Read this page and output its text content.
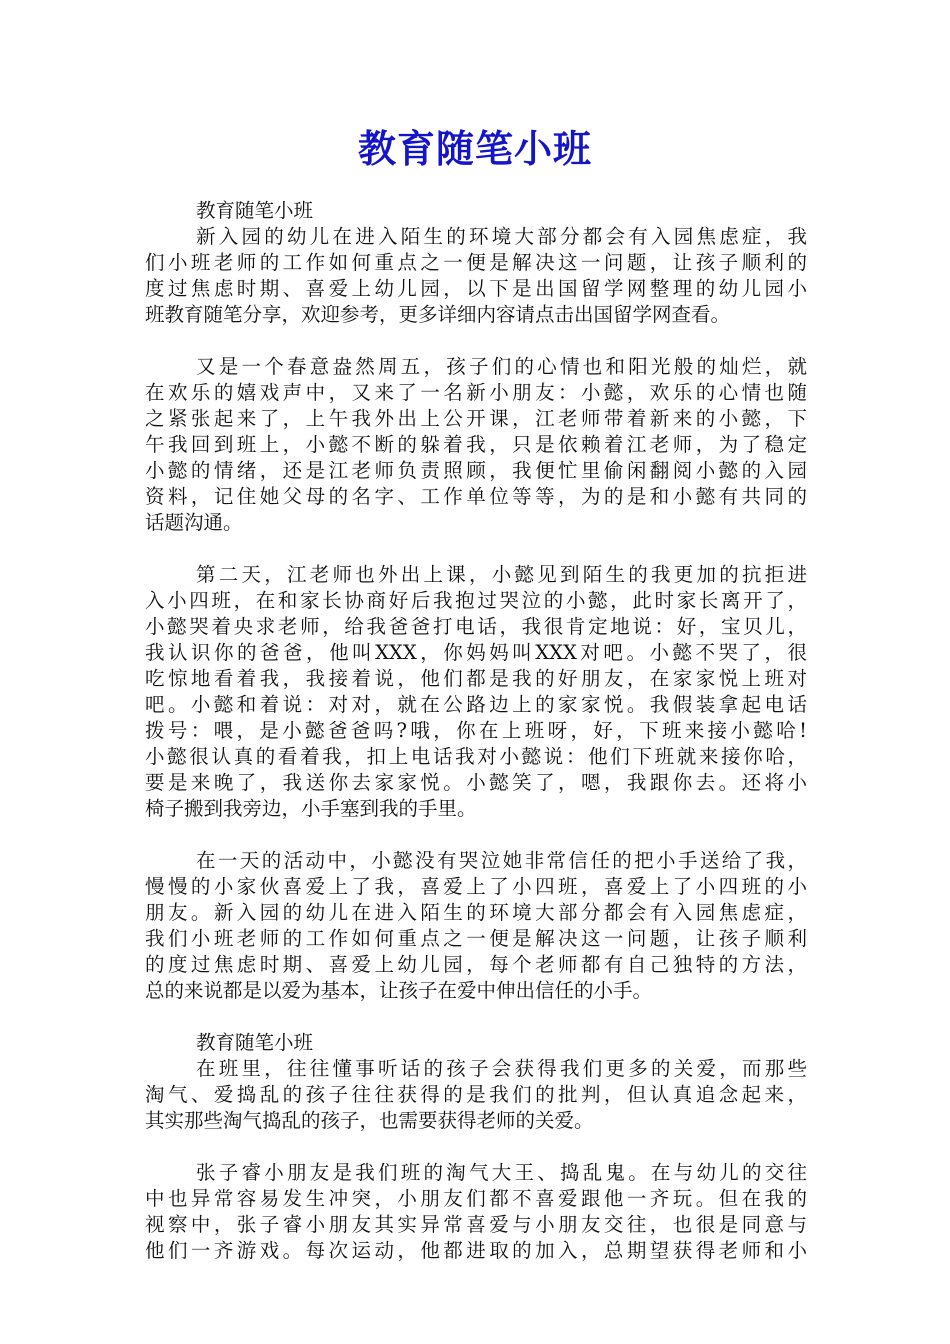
教育随笔小班
教育随笔小班
新入园的幼儿在进入陌生的环境大部分都会有入园焦虑症，我
们小班老师的工作如何重点之一便是解决这一问题，让孩子顺利的
度过焦虑时期、喜爱上幼儿园，以下是出国留学网整理的幼儿园小
班教育随笔分享，欢迎参考，更多详细内容请点击出国留学网查看。
又是一个春意盎然周五，孩子们的心情也和阳光般的灿烂，就
在欢乐的嬉戏声中，又来了一名新小朋友：小懿，欢乐的心情也随
之紧张起来了，上午我外出上公开课，江老师带着新来的小懿，下
午我回到班上，小懿不断的躲着我，只是依赖着江老师，为了稳定
小懿的情绪，还是江老师负责照顾，我便忙里偷闲翻阅小懿的入园
资料，记住她父母的名字、工作单位等等，为的是和小懿有共同的
话题沟通。
第二天，江老师也外出上课，小懿见到陌生的我更加的抗拒进
入小四班，在和家长协商好后我抱过哭泣的小懿，此时家长离开了，
小懿哭着央求老师，给我爸爸打电话，我很肯定地说：好，宝贝儿，
我认识你的爸爸，他叫XXX，你妈妈叫XXX对吧。小懿不哭了，很
吃惊地看着我，我接着说，他们都是我的好朋友，在家家悦上班对
吧。小懿和着说：对对，就在公路边上的家家悦。我假装拿起电话
拨号：喂，是小懿爸爸吗?哦，你在上班呀，好，下班来接小懿哈!
小懿很认真的看着我，扣上电话我对小懿说：他们下班就来接你哈，
要是来晚了，我送你去家家悦。小懿笑了，嗯，我跟你去。还将小
椅子搬到我旁边，小手塞到我的手里。
在一天的活动中，小懿没有哭泣她非常信任的把小手送给了我，
慢慢的小家伙喜爱上了我，喜爱上了小四班，喜爱上了小四班的小
朋友。新入园的幼儿在进入陌生的环境大部分都会有入园焦虑症，
我们小班老师的工作如何重点之一便是解决这一问题，让孩子顺利
的度过焦虑时期、喜爱上幼儿园，每个老师都有自己独特的方法，
总的来说都是以爱为基本，让孩子在爱中伸出信任的小手。
教育随笔小班
在班里，往往懂事听话的孩子会获得我们更多的关爱，而那些
淘气、爱捣乱的孩子往往获得的是我们的批判，但认真追念起来，
其实那些淘气捣乱的孩子，也需要获得老师的关爱。
张子睿小朋友是我们班的淘气大王、捣乱鬼。在与幼儿的交往
中也异常容易发生冲突，小朋友们都不喜爱跟他一齐玩。但在我的
视察中，张子睿小朋友其实异常喜爱与小朋友交往，也很是同意与
他们一齐游戏。每次运动，他都进取的加入，总期望获得老师和小
